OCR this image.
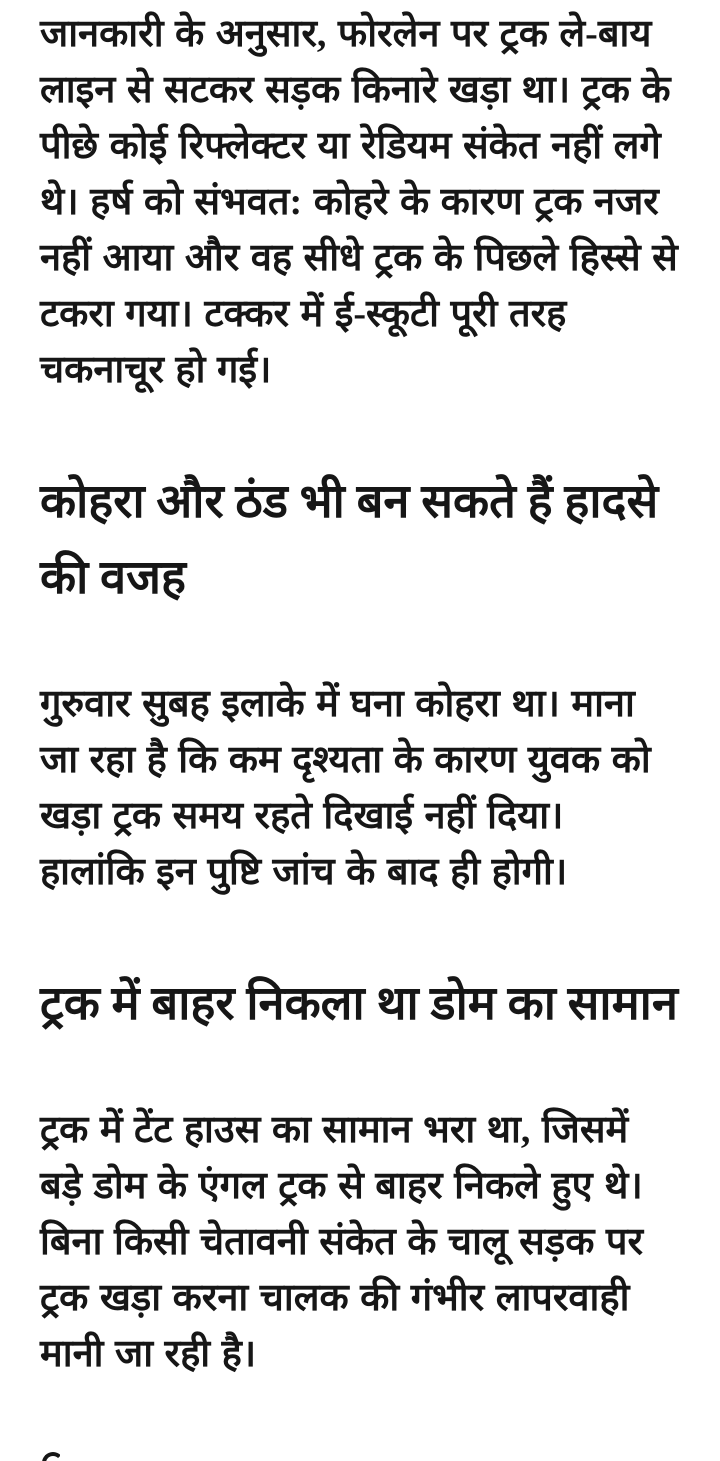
जानकारी के अनुसार, फोरलेन पर ट्रक ले-बाय लाइन से सटकर सड़क किनारे खड़ा था। ट्रक के पीछे कोई रिफ्लेक्टर या रेडियम संकेत नहीं लगे थे। हर्ष को संभवत: कोहरे के कारण ट्रक नजर नहीं आया और वह सीधे ट्रक के पिछले हिस्से से टकरा गया। टक्कर में ई-स्कूटी पूरी तरह चकनाचूर हो गई।

कोहरा और ठंड भी बन सकते हैं हादसे की वजह

गुरुवार सुबह इलाके में घना कोहरा था। माना जा रहा है कि कम दृश्यता के कारण युवक को खड़ा ट्रक समय रहते दिखाई नहीं दिया। हालांकि इन पुष्टि जांच के बाद ही होगी।

ट्रक में बाहर निकला था डोम का सामान

ट्रक में टेंट हाउस का सामान भरा था, जिसमें बड़े डोम के एंगल ट्रक से बाहर निकले हुए थे। बिना किसी चेतावनी संकेत के चालू सड़क पर ट्रक खड़ा करना चालक की गंभीर लापरवाही मानी जा रही है।
